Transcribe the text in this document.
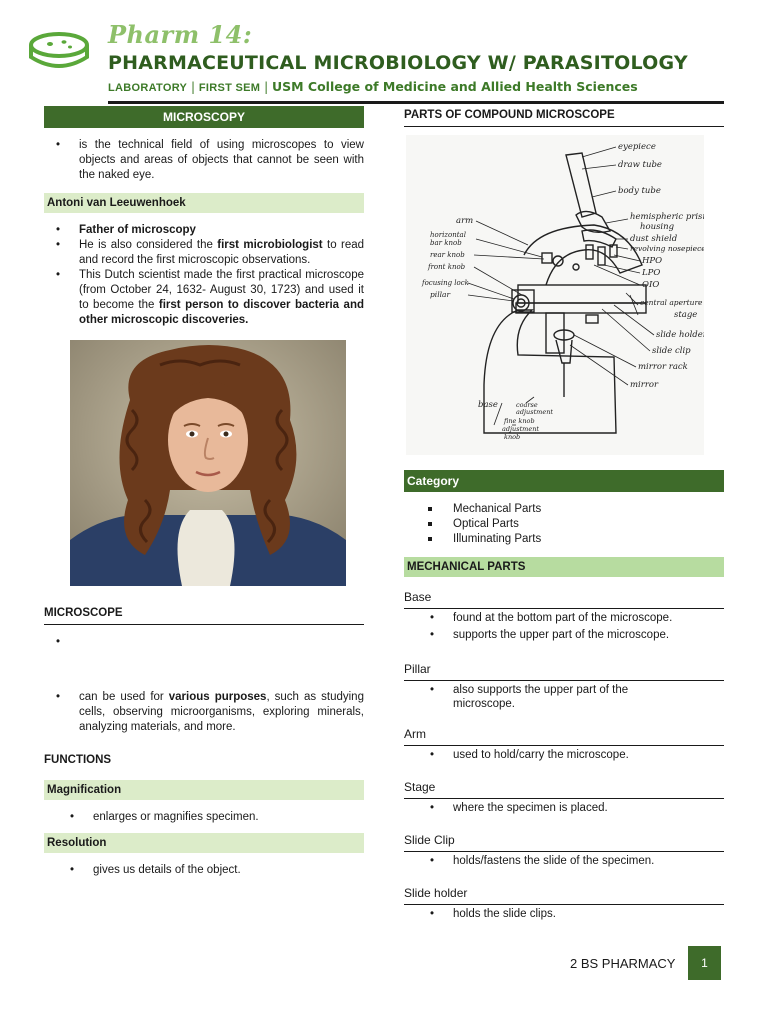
Pharm 14:
PHARMACEUTICAL MICROBIOLOGY W/ PARASITOLOGY
LABORATORY | FIRST SEM | USM College of Medicine and Allied Health Sciences
MICROSCOPY
• is the technical field of using microscopes to view objects and areas of objects that cannot be seen with the naked eye.
Antoni van Leeuwenhoek
• Father of microscopy
• He is also considered the first microbiologist to read and record the first microscopic observations.
• This Dutch scientist made the first practical microscope (from October 24, 1632- August 30, 1723) and used it to become the first person to discover bacteria and other microscopic discoveries.
MICROSCOPE
•
• can be used for various purposes, such as studying cells, observing microorganisms, exploring minerals, analyzing materials, and more.
FUNCTIONS
Magnification
• enlarges or magnifies specimen.
Resolution
• gives us details of the object.
PARTS OF COMPOUND MICROSCOPE
eyepiece
draw tube
body tube
hemispheric prism
housing
dust shield
revolving nosepiece
HPO
LPO
OIO
central aperture
stage
slide holder
slide clip
mirror rack
mirror
arm
horizontal
bar knob
rear knob
front knob
focusing lock
pillar
base	coarse
adjustment
fine knob
adjustment
knob
Category
Mechanical Parts
Optical Parts
Illuminating Parts
MECHANICAL PARTS
Base
• found at the bottom part of the microscope.
• supports the upper part of the microscope.
Pillar
• also supports the upper part of the microscope.
Arm
• used to hold/carry the microscope.
Stage
• where the specimen is placed.
Slide Clip
• holds/fastens the slide of the specimen.
Slide holder
• holds the slide clips.
2 BS PHARMACY	1
